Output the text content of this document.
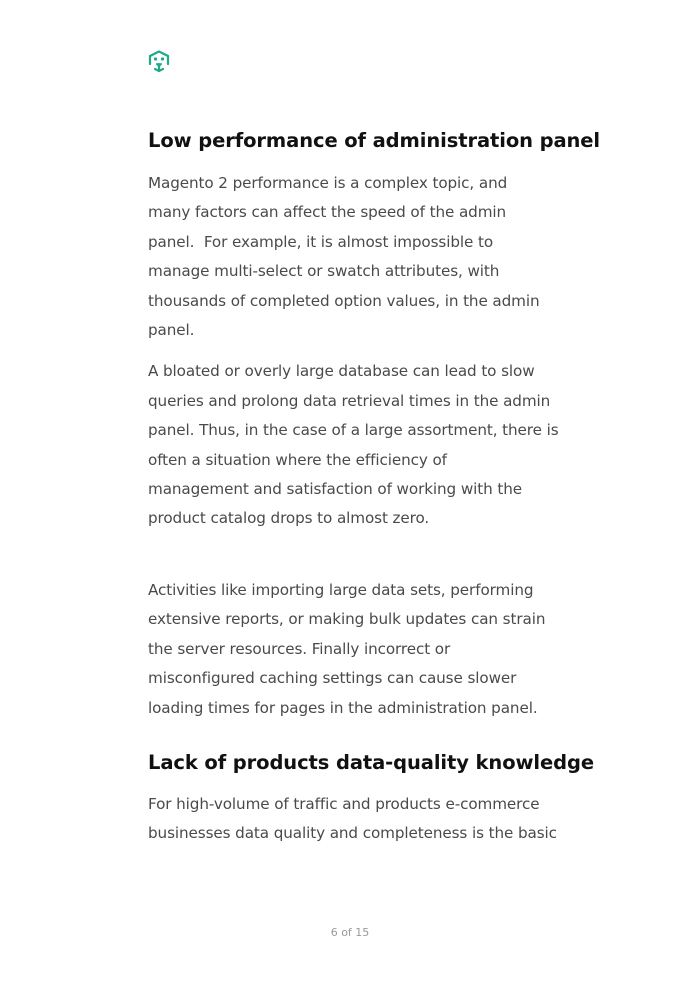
Low performance of administration panel

Magento 2 performance is a complex topic, and
many factors can affect the speed of the admin
panel.  For example, it is almost impossible to
manage multi-select or swatch attributes, with
thousands of completed option values, in the admin
panel.

A bloated or overly large database can lead to slow
queries and prolong data retrieval times in the admin
panel. Thus, in the case of a large assortment, there is
often a situation where the efficiency of
management and satisfaction of working with the
product catalog drops to almost zero.

Activities like importing large data sets, performing
extensive reports, or making bulk updates can strain
the server resources. Finally incorrect or
misconfigured caching settings can cause slower
loading times for pages in the administration panel.

Lack of products data-quality knowledge

For high-volume of traffic and products e-commerce
businesses data quality and completeness is the basic

6 of 15
